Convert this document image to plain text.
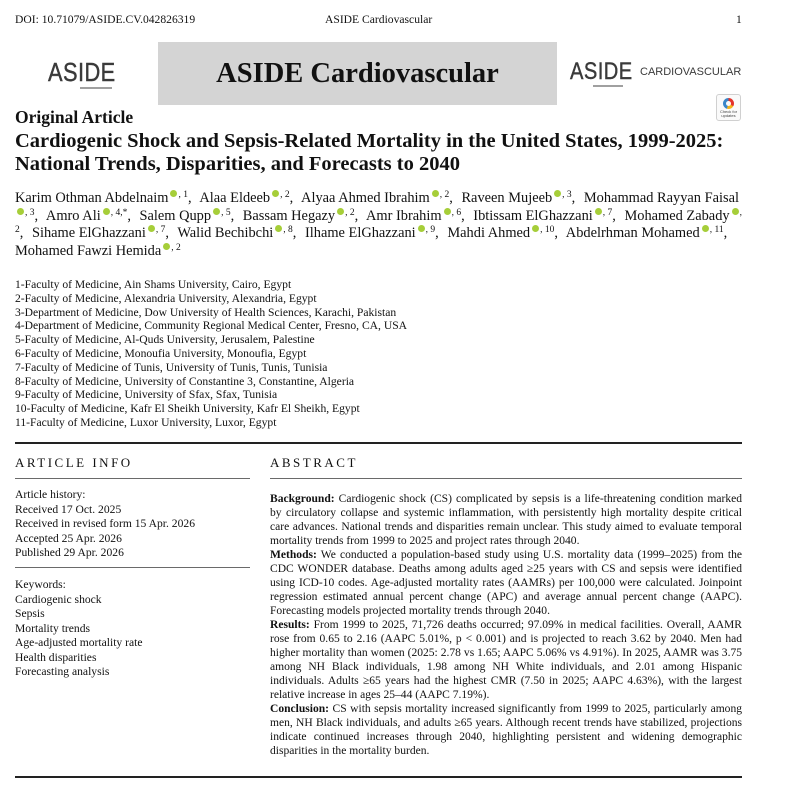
DOI: 10.71079/ASIDE.CV.042826319	ASIDE Cardiovascular	1
ASIDE	ASIDE Cardiovascular	ASIDE CARDIOVASCULAR
Check for updates
Original Article
Cardiogenic Shock and Sepsis-Related Mortality in the United States, 1999-2025: National Trends, Disparities, and Forecasts to 2040
Karim Othman Abdelnaim $^{, 1}$, Alaa Eldeeb $^{, 2}$, Alyaa Ahmed Ibrahim $^{, 2}$, Raveen Mujeeb $^{, 3}$, Mohammad Rayyan Faisal$^{, 3}$, Amro Ali $^{, 4,*}$, Salem Qupp $^{, 5}$, Bassam Hegazy $^{, 2}$, Amr Ibrahim $^{, 6}$, Ibtissam ElGhazzani $^{, 7}$, Mohamed Zabady $^{, 2}$, Sihame ElGhazzani $^{, 7}$, Walid Bechibchi $^{, 8}$, Ilhame ElGhazzani $^{, 9}$, Mahdi Ahmed $^{, 10}$, Abdelrhman Mohamed $^{, 11}$, Mohamed Fawzi Hemida $^{, 2}$
1-Faculty of Medicine, Ain Shams University, Cairo, Egypt
2-Faculty of Medicine, Alexandria University, Alexandria, Egypt
3-Department of Medicine, Dow University of Health Sciences, Karachi, Pakistan
4-Department of Medicine, Community Regional Medical Center, Fresno, CA, USA
5-Faculty of Medicine, Al-Quds University, Jerusalem, Palestine
6-Faculty of Medicine, Monoufia University, Monoufia, Egypt
7-Faculty of Medicine of Tunis, University of Tunis, Tunis, Tunisia
8-Faculty of Medicine, University of Constantine 3, Constantine, Algeria
9-Faculty of Medicine, University of Sfax, Sfax, Tunisia
10-Faculty of Medicine, Kafr El Sheikh University, Kafr El Sheikh, Egypt
11-Faculty of Medicine, Luxor University, Luxor, Egypt
ARTICLE INFO	ABSTRACT
Article history:
Received 17 Oct. 2025
Received in revised form 15 Apr. 2026
Accepted 25 Apr. 2026
Published 29 Apr. 2026
Keywords:
Cardiogenic shock
Sepsis
Mortality trends
Age-adjusted mortality rate
Health disparities
Forecasting analysis

Background: Cardiogenic shock (CS) complicated by sepsis is a life-threatening condition marked by circulatory collapse and systemic inflammation, with persistently high mortality despite critical care advances. National trends and disparities remain unclear. This study aimed to evaluate temporal mortality trends from 1999 to 2025 and project rates through 2040.

Methods: We conducted a population-based study using U.S. mortality data (1999–2025) from the CDC WONDER database. Deaths among adults aged ≥25 years with CS and sepsis were identified using ICD-10 codes. Age-adjusted mortality rates (AAMRs) per 100,000 were calculated. Joinpoint regression estimated annual percent change (APC) and average annual percent change (AAPC). Forecasting models projected mortality trends through 2040.

Results: From 1999 to 2025, 71,726 deaths occurred; 97.09% in medical facilities. Overall, AAMR rose from 0.65 to 2.16 (AAPC 5.01%, p < 0.001) and is projected to reach 3.62 by 2040. Men had higher mortality than women (2025: 2.78 vs 1.65; AAPC 5.06% vs 4.91%). In 2025, AAMR was 3.75 among NH Black individuals, 1.98 among NH White individuals, and 2.01 among Hispanic individuals. Adults ≥65 years had the highest CMR (7.50 in 2025; AAPC 4.63%), with the largest relative increase in ages 25–44 (AAPC 7.19%).

Conclusion: CS with sepsis mortality increased significantly from 1999 to 2025, particularly among men, NH Black individuals, and adults ≥65 years. Although recent trends have stabilized, projections indicate continued increases through 2040, highlighting persistent and widening demographic disparities in the mortality burden.
